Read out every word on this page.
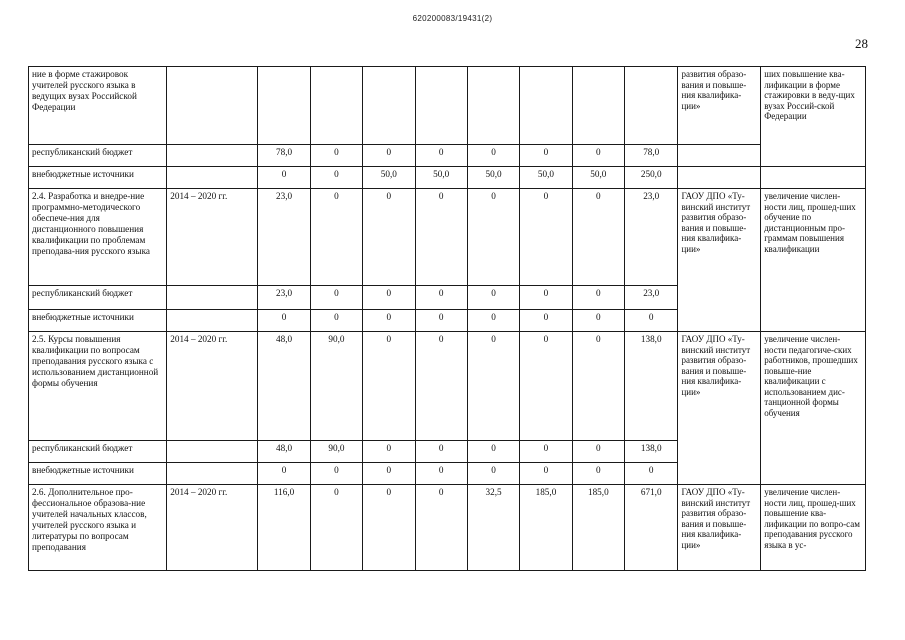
620200083/19431(2)
28
ние в форме стажировок учителей русского языка в ведущих вузах Российской Федерации										развития образо-вания и повыше-ния квалифика-ции»	ших повышение ква-лификации в форме стажировки в веду-щих вузах Россий-ской Федерации
республиканский бюджет		78,0	0	0	0	0	0	0	78,0		
внебюджетные источники		0	0	50,0	50,0	50,0	50,0	50,0	250,0		
2.4. Разработка и внедре-ние программно-методического обеспече-ния для дистанционного повышения квалификации по проблемам преподава-ния русского языка	2014 – 2020 гг.	23,0	0	0	0	0	0	0	23,0	ГАОУ ДПО «Ту-винский институт развития образо-вания и повыше-ния квалифика-ции»	увеличение числен-ности лиц, прошед-ших обучение по дистанционным про-граммам повышения квалификации
республиканский бюджет		23,0	0	0	0	0	0	0	23,0		
внебюджетные источники		0	0	0	0	0	0	0	0		
2.5. Курсы повышения квалификации по вопросам преподавания русского языка с использованием дистанционной формы обучения	2014 – 2020 гг.	48,0	90,0	0	0	0	0	0	138,0	ГАОУ ДПО «Ту-винский институт развития образо-вания и повыше-ния квалифика-ции»	увеличение числен-ности педагогиче-ских работников, прошедших повыше-ние квалификации с использованием дис-танционной формы обучения
республиканский бюджет		48,0	90,0	0	0	0	0	0	138,0		
внебюджетные источники		0	0	0	0	0	0	0	0		
2.6. Дополнительное про-фессиональное образова-ние учителей начальных классов, учителей русского языка и литературы по вопросам преподавания	2014 – 2020 гг.	116,0	0	0	0	32,5	185,0	185,0	671,0	ГАОУ ДПО «Ту-винский институт развития образо-вания и повыше-ния квалифика-ции»	увеличение числен-ности лиц, прошед-ших повышение ква-лификации по вопро-сам преподавания русского языка в ус-
